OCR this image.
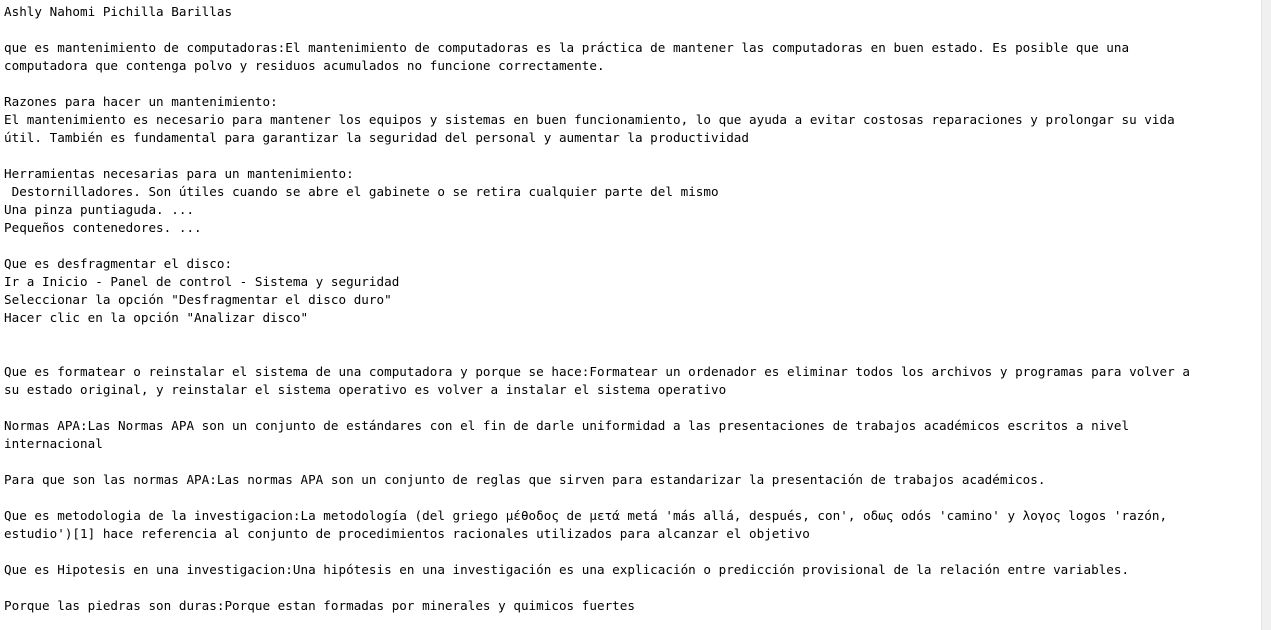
Ashly Nahomi Pichilla Barillas
que es mantenimiento de computadoras:El mantenimiento de computadoras es la práctica de mantener las computadoras en buen estado. Es posible que una
computadora que contenga polvo y residuos acumulados no funcione correctamente.
Razones para hacer un mantenimiento:
El mantenimiento es necesario para mantener los equipos y sistemas en buen funcionamiento, lo que ayuda a evitar costosas reparaciones y prolongar su vida
útil. También es fundamental para garantizar la seguridad del personal y aumentar la productividad
Herramientas necesarias para un mantenimiento:
Destornilladores. Son útiles cuando se abre el gabinete o se retira cualquier parte del mismo
Una pinza puntiaguda. ...
Pequeños contenedores. ...
Que es desfragmentar el disco:
Ir a Inicio - Panel de control - Sistema y seguridad
Seleccionar la opción "Desfragmentar el disco duro"
Hacer clic en la opción "Analizar disco"
Que es formatear o reinstalar el sistema de una computadora y porque se hace:Formatear un ordenador es eliminar todos los archivos y programas para volver a
su estado original, y reinstalar el sistema operativo es volver a instalar el sistema operativo
Normas APA:Las Normas APA son un conjunto de estándares con el fin de darle uniformidad a las presentaciones de trabajos académicos escritos a nivel
internacional
Para que son las normas APA:Las normas APA son un conjunto de reglas que sirven para estandarizar la presentación de trabajos académicos.
Que es metodologia de la investigacion:La metodología (del griego μέθοδος de μετά metá 'más allá, después, con', οδως odós 'camino' y λογος logos 'razón,
estudio')[1] hace referencia al conjunto de procedimientos racionales utilizados para alcanzar el objetivo
Que es Hipotesis en una investigacion:Una hipótesis en una investigación es una explicación o predicción provisional de la relación entre variables.
Porque las piedras son duras:Porque estan formadas por minerales y quimicos fuertes
